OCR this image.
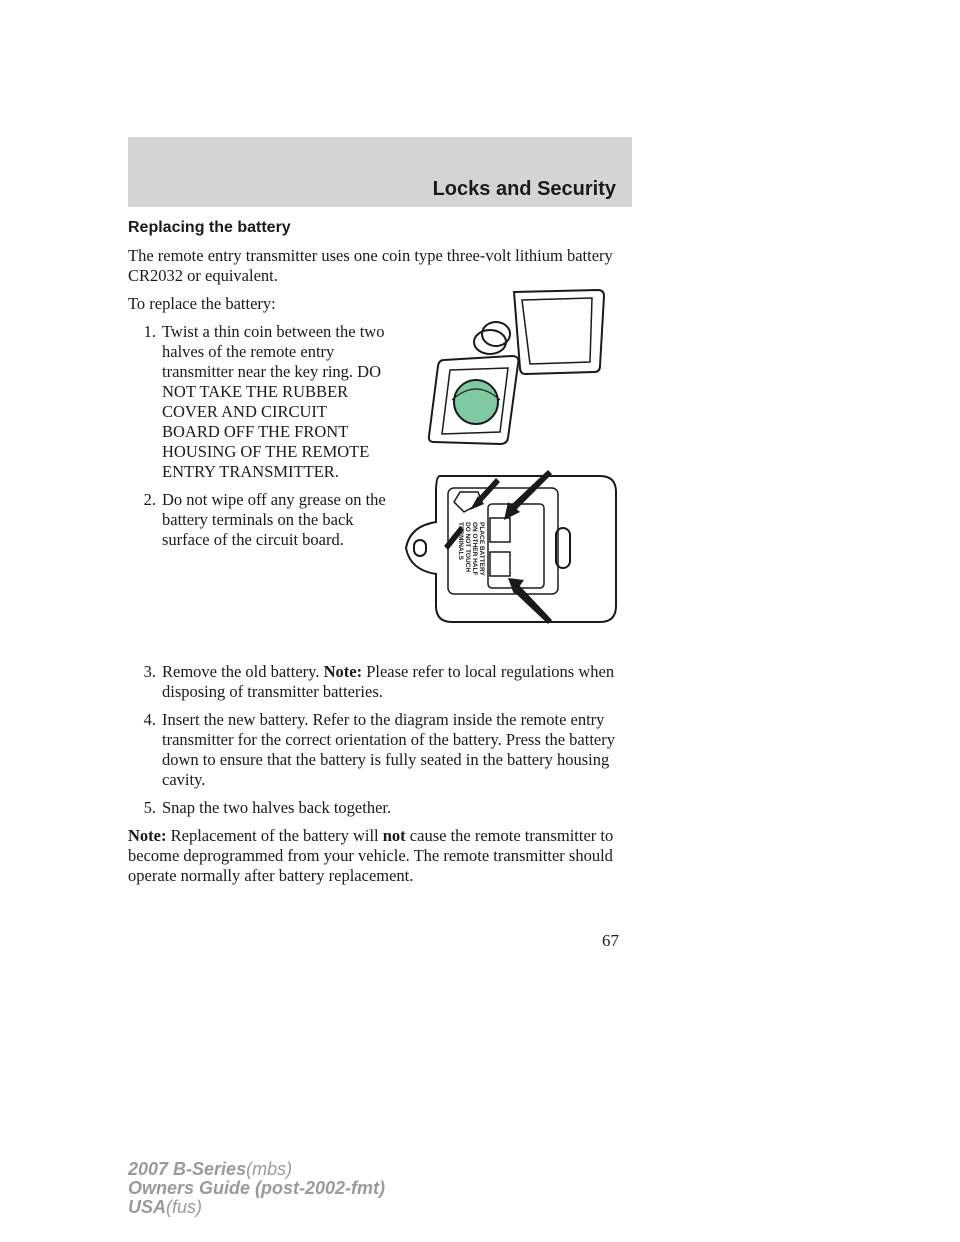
Locks and Security
Replacing the battery

The remote entry transmitter uses one coin type three-volt lithium battery CR2032 or equivalent.

To replace the battery:

1. Twist a thin coin between the two halves of the remote entry transmitter near the key ring. DO NOT TAKE THE RUBBER COVER AND CIRCUIT BOARD OFF THE FRONT HOUSING OF THE REMOTE ENTRY TRANSMITTER.
2. Do not wipe off any grease on the battery terminals on the back surface of the circuit board.
3. Remove the old battery. Note: Please refer to local regulations when disposing of transmitter batteries.
4. Insert the new battery. Refer to the diagram inside the remote entry transmitter for the correct orientation of the battery. Press the battery down to ensure that the battery is fully seated in the battery housing cavity.
5. Snap the two halves back together.

Note: Replacement of the battery will not cause the remote transmitter to become deprogrammed from your vehicle. The remote transmitter should operate normally after battery replacement.

PLACE BATTERY
ON OTHER HALF
DO NOT TOUCH
TERMINALS
67
2007 B-Series(mbs)
Owners Guide (post-2002-fmt)
USA(fus)
